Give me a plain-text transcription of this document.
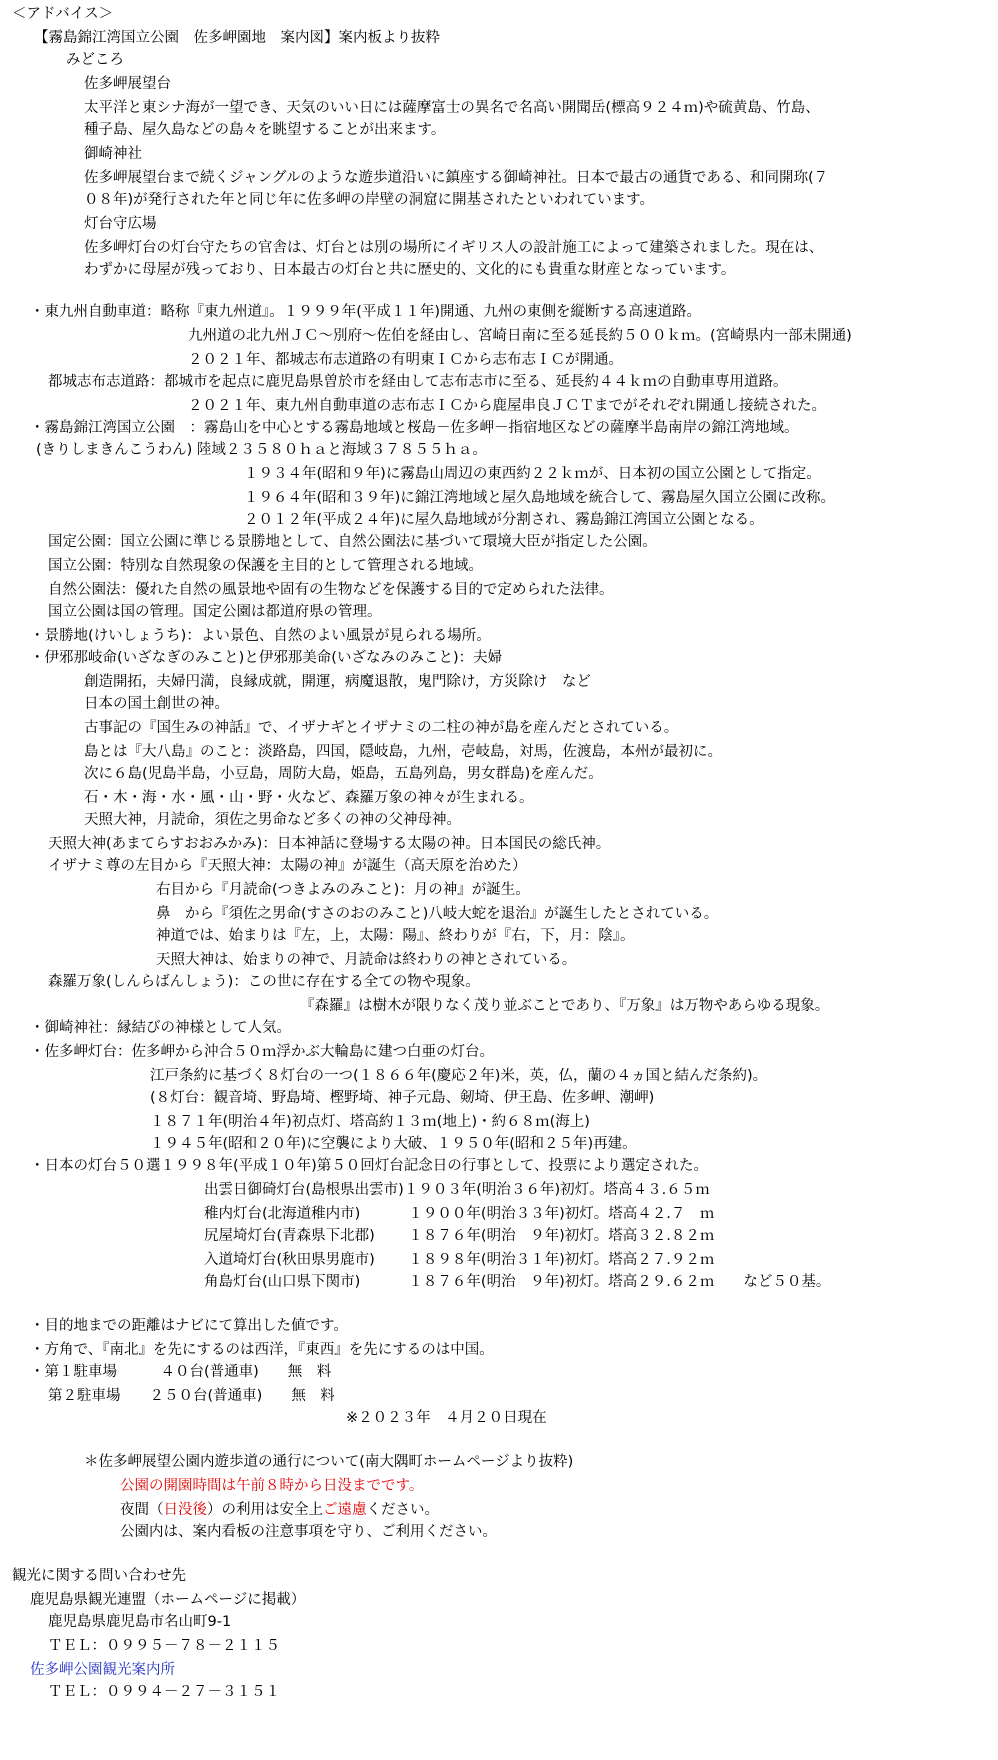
＜アドバイス＞
【霧島錦江湾国立公園　佐多岬園地　案内図】案内板より抜粋
みどころ
佐多岬展望台
太平洋と東シナ海が一望でき、天気のいい日には薩摩富士の異名で名高い開聞岳(標高９２４ｍ)や硫黄島、竹島、
種子島、屋久島などの島々を眺望することが出来ます。
御崎神社
佐多岬展望台まで続くジャングルのような遊歩道沿いに鎮座する御崎神社。日本で最古の通貨である、和同開珎(７
０８年)が発行された年と同じ年に佐多岬の岸壁の洞窟に開基されたといわれています。
灯台守広場
佐多岬灯台の灯台守たちの官舎は、灯台とは別の場所にイギリス人の設計施工によって建築されました。現在は、
わずかに母屋が残っており、日本最古の灯台と共に歴史的、文化的にも貴重な財産となっています。
・東九州自動車道：略称『東九州道』。１９９９年(平成１１年)開通、九州の東側を縦断する高速道路。
九州道の北九州ＪＣ～別府～佐伯を経由し、宮崎日南に至る延長約５００ｋｍ。(宮崎県内一部未開通)
２０２１年、都城志布志道路の有明東ＩＣから志布志ＩＣが開通。
都城志布志道路：都城市を起点に鹿児島県曽於市を経由して志布志市に至る、延長約４４ｋｍの自動車専用道路。
２０２１年、東九州自動車道の志布志ＩＣから鹿屋串良ＪＣＴまでがそれぞれ開通し接続された。
・霧島錦江湾国立公園　：霧島山を中心とする霧島地域と桜島－佐多岬－指宿地区などの薩摩半島南岸の錦江湾地域。
(きりしまきんこうわん) 陸域２３５８０ｈａと海域３７８５５ｈａ。
１９３４年(昭和９年)に霧島山周辺の東西約２２ｋｍが、日本初の国立公園として指定。
１９６４年(昭和３９年)に錦江湾地域と屋久島地域を統合して、霧島屋久国立公園に改称。
２０１２年(平成２４年)に屋久島地域が分割され、霧島錦江湾国立公園となる。
国定公園：国立公園に準じる景勝地として、自然公園法に基づいて環境大臣が指定した公園。
国立公園：特別な自然現象の保護を主目的として管理される地域。
自然公園法：優れた自然の風景地や固有の生物などを保護する目的で定められた法律。
国立公園は国の管理。国定公園は都道府県の管理。
・景勝地(けいしょうち)：よい景色、自然のよい風景が見られる場所。
・伊邪那岐命(いざなぎのみこと)と伊邪那美命(いざなみのみこと)：夫婦
創造開拓，夫婦円満，良縁成就，開運，病魔退散，鬼門除け，方災除け　など
日本の国土創世の神。
古事記の『国生みの神話』で、イザナギとイザナミの二柱の神が島を産んだとされている。
島とは『大八島』のこと：淡路島，四国，隠岐島，九州，壱岐島，対馬，佐渡島，本州が最初に。
次に６島(児島半島，小豆島，周防大島，姫島，五島列島，男女群島)を産んだ。
石・木・海・水・風・山・野・火など、森羅万象の神々が生まれる。
天照大神，月読命，須佐之男命など多くの神の父神母神。
天照大神(あまてらすおおみかみ)：日本神話に登場する太陽の神。日本国民の総氏神。
イザナミ尊の左目から『天照大神：太陽の神』が誕生（高天原を治めた）
右目から『月読命(つきよみのみこと)：月の神』が誕生。
鼻　から『須佐之男命(すさのおのみこと)八岐大蛇を退治』が誕生したとされている。
神道では、始まりは『左，上，太陽：陽』、終わりが『右，下，月：陰』。
天照大神は、始まりの神で、月読命は終わりの神とされている。
森羅万象(しんらばんしょう)：この世に存在する全ての物や現象。
『森羅』は樹木が限りなく茂り並ぶことであり、『万象』は万物やあらゆる現象。
・御崎神社：縁結びの神様として人気。
・佐多岬灯台：佐多岬から沖合５０ｍ浮かぶ大輪島に建つ白亜の灯台。
江戸条約に基づく８灯台の一つ(１８６６年(慶応２年)米，英，仏，蘭の４ヵ国と結んだ条約)。
(８灯台：観音埼、野島埼、樫野埼、神子元島、剱埼、伊王島、佐多岬、潮岬)
１８７１年(明治４年)初点灯、塔高約１３ｍ(地上)・約６８ｍ(海上)
１９４５年(昭和２０年)に空襲により大破、１９５０年(昭和２５年)再建。
・日本の灯台５０選１９９８年(平成１０年)第５０回灯台記念日の行事として、投票により選定された。
出雲日御碕灯台(島根県出雲市)１９０３年(明治３６年)初灯。塔高４３.６５ｍ
稚内灯台(北海道稚内市)　　　 １９００年(明治３３年)初灯。塔高４２.７　ｍ
尻屋埼灯台(青森県下北郡)　　 １８７６年(明治　９年)初灯。塔高３２.８２ｍ
入道埼灯台(秋田県男鹿市)　　 １８９８年(明治３１年)初灯。塔高２７.９２ｍ
角島灯台(山口県下関市)　　　 １８７６年(明治　９年)初灯。塔高２９.６２ｍ　　など５０基。
・目的地までの距離はナビにて算出した値です。
・方角で、『南北』を先にするのは西洋，『東西』を先にするのは中国。
・第１駐車場　　　４０台(普通車)　　無　料
第２駐車場　　２５０台(普通車)　　無　料
※２０２３年　４月２０日現在
＊佐多岬展望公園内遊歩道の通行について(南大隅町ホームページより抜粋)
公園の開園時間は午前８時から日没までです。
夜間（日没後）の利用は安全上ご遠慮ください。
公園内は、案内看板の注意事項を守り、ご利用ください。
観光に関する問い合わせ先
鹿児島県観光連盟（ホームページに掲載）
鹿児島県鹿児島市名山町9-1
ＴＥＬ：０９９５－７８－２１１５
佐多岬公園観光案内所
ＴＥＬ：０９９４－２７－３１５１
